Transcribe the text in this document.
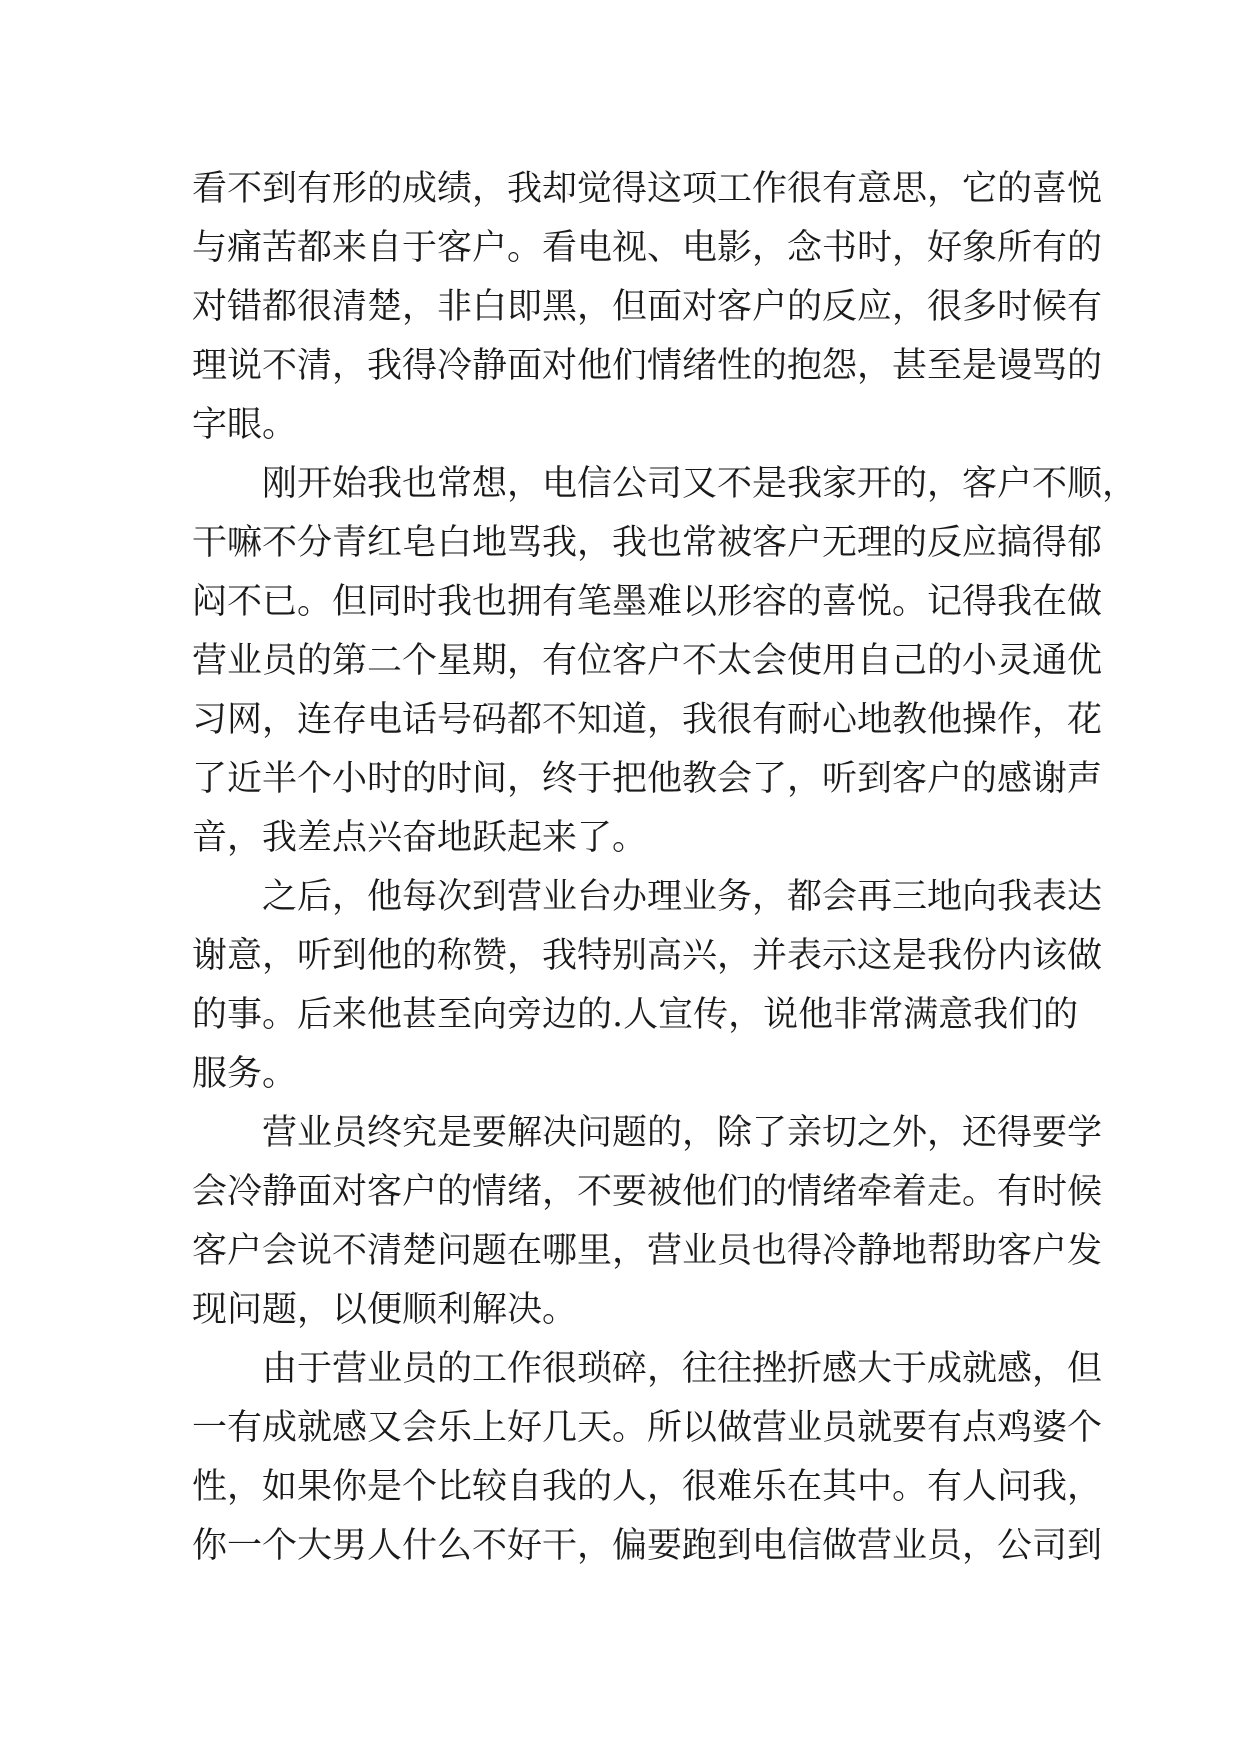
看不到有形的成绩，我却觉得这项工作很有意思，它的喜悦
与痛苦都来自于客户。看电视、电影，念书时，好象所有的
对错都很清楚，非白即黑，但面对客户的反应，很多时候有
理说不清，我得冷静面对他们情绪性的抱怨，甚至是谩骂的
字眼。
刚开始我也常想，电信公司又不是我家开的，客户不顺，
干嘛不分青红皂白地骂我，我也常被客户无理的反应搞得郁
闷不已。但同时我也拥有笔墨难以形容的喜悦。记得我在做
营业员的第二个星期，有位客户不太会使用自己的小灵通优
习网，连存电话号码都不知道，我很有耐心地教他操作，花
了近半个小时的时间，终于把他教会了，听到客户的感谢声
音，我差点兴奋地跃起来了。
之后，他每次到营业台办理业务，都会再三地向我表达
谢意，听到他的称赞，我特别高兴，并表示这是我份内该做
的事。后来他甚至向旁边的.人宣传，说他非常满意我们的
服务。
营业员终究是要解决问题的，除了亲切之外，还得要学
会冷静面对客户的情绪，不要被他们的情绪牵着走。有时候
客户会说不清楚问题在哪里，营业员也得冷静地帮助客户发
现问题，以便顺利解决。
由于营业员的工作很琐碎，往往挫折感大于成就感，但
一有成就感又会乐上好几天。所以做营业员就要有点鸡婆个
性，如果你是个比较自我的人，很难乐在其中。有人问我，
你一个大男人什么不好干，偏要跑到电信做营业员，公司到
